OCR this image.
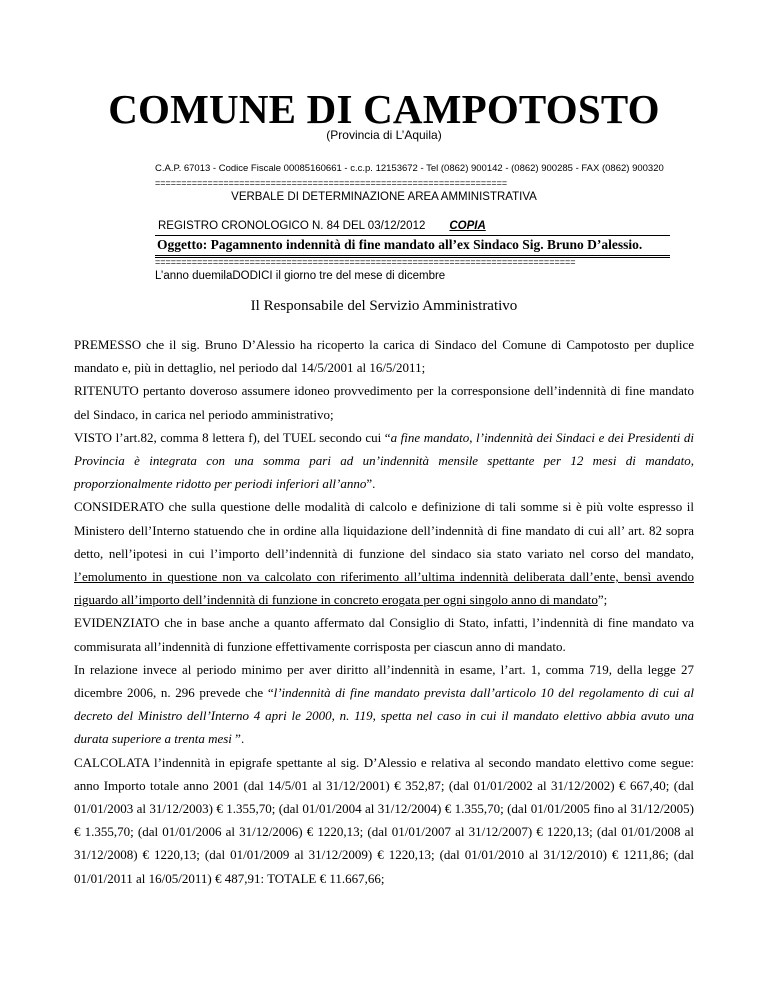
COMUNE DI CAMPOTOSTO
(Provincia di L’Aquila)
C.A.P. 67013 - Codice Fiscale 00085160661 - c.c.p. 12153672 - Tel (0862) 900142 - (0862) 900285 - FAX (0862) 900320
===================================================================
VERBALE DI DETERMINAZIONE AREA AMMINISTRATIVA
REGISTRO CRONOLOGICO N. 84 DEL 03/12/2012 COPIA
Oggetto: Pagamnento indennità di fine mandato all’ex Sindaco Sig. Bruno D’alessio.
================================================================================
L’anno duemilaDODICI il giorno tre del mese di dicembre
Il Responsabile del Servizio Amministrativo

PREMESSO che il sig. Bruno D’Alessio ha ricoperto la carica di Sindaco del Comune di Campotosto per duplice mandato e, più in dettaglio, nel periodo dal 14/5/2001 al 16/5/2011;

RITENUTO pertanto doveroso assumere idoneo provvedimento per la corresponsione dell’indennità di fine mandato del Sindaco, in carica nel periodo amministrativo;

VISTO l’art.82, comma 8 lettera f), del TUEL secondo cui “a fine mandato, l’indennità dei Sindaci e dei Presidenti di Provincia è integrata con una somma pari ad un’indennità mensile spettante per 12 mesi di mandato, proporzionalmente ridotto per periodi inferiori all’anno”.

CONSIDERATO che sulla questione delle modalità di calcolo e definizione di tali somme si è più volte espresso il Ministero dell’Interno statuendo che in ordine alla liquidazione dell’indennità di fine mandato di cui all’ art. 82 sopra detto, nell’ipotesi in cui l’importo dell’indennità di funzione del sindaco sia stato variato nel corso del mandato, l’emolumento in questione non va calcolato con riferimento all’ultima indennità deliberata dall’ente, bensì avendo riguardo all’importo dell’indennità di funzione in concreto erogata per ogni singolo anno di mandato”;

EVIDENZIATO che in base anche a quanto affermato dal Consiglio di Stato, infatti, l’indennità di fine mandato va commisurata all’indennità di funzione effettivamente corrisposta per ciascun anno di mandato.

In relazione invece al periodo minimo per aver diritto all’indennità in esame, l’art. 1, comma 719, della legge 27 dicembre 2006, n. 296 prevede che “l’indennità di fine mandato prevista dall’articolo 10 del regolamento di cui al decreto del Ministro dell’Interno 4 apri le 2000, n. 119, spetta nel caso in cui il mandato elettivo abbia avuto una durata superiore a trenta mesi ”.

CALCOLATA l’indennità in epigrafe spettante al sig. D’Alessio e relativa al secondo mandato elettivo come segue: anno Importo totale anno 2001 (dal 14/5/01 al 31/12/2001) € 352,87; (dal 01/01/2002 al 31/12/2002) € 667,40; (dal 01/01/2003 al 31/12/2003) € 1.355,70; (dal 01/01/2004 al 31/12/2004) € 1.355,70; (dal 01/01/2005 fino al 31/12/2005) € 1.355,70; (dal 01/01/2006 al 31/12/2006) € 1220,13; (dal 01/01/2007 al 31/12/2007) € 1220,13; (dal 01/01/2008 al 31/12/2008) € 1220,13; (dal 01/01/2009 al 31/12/2009) € 1220,13; (dal 01/01/2010 al 31/12/2010) € 1211,86; (dal 01/01/2011 al 16/05/2011) € 487,91: TOTALE € 11.667,66;
